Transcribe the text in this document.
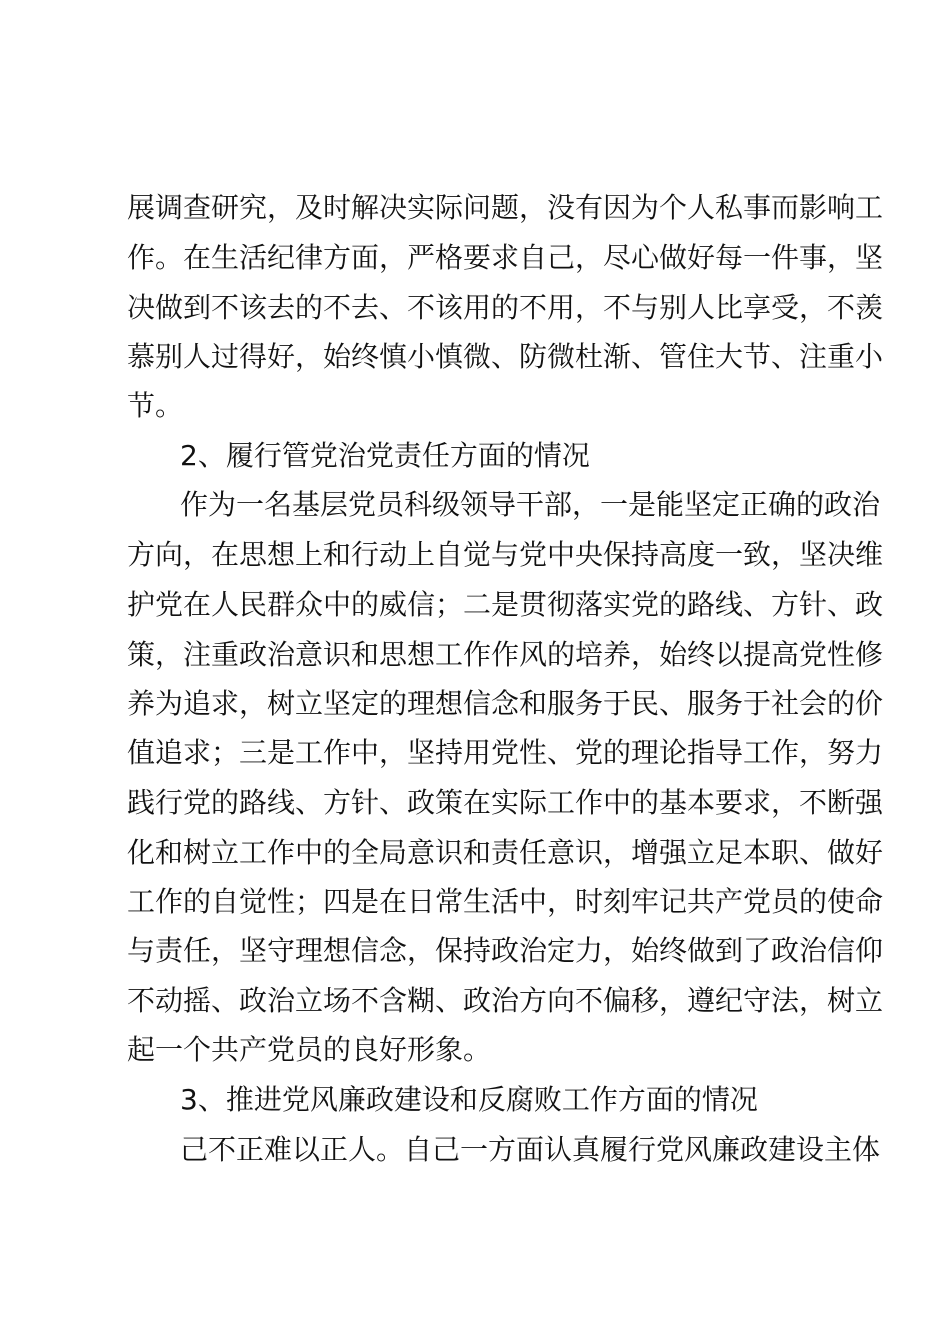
展调查研究，及时解决实际问题，没有因为个人私事而影响工
作。在生活纪律方面，严格要求自己，尽心做好每一件事，坚
决做到不该去的不去、不该用的不用，不与别人比享受，不羡
慕别人过得好，始终慎小慎微、防微杜渐、管住大节、注重小
节。
2、履行管党治党责任方面的情况
作为一名基层党员科级领导干部，一是能坚定正确的政治
方向，在思想上和行动上自觉与党中央保持高度一致，坚决维
护党在人民群众中的威信；二是贯彻落实党的路线、方针、政
策，注重政治意识和思想工作作风的培养，始终以提高党性修
养为追求，树立坚定的理想信念和服务于民、服务于社会的价
值追求；三是工作中，坚持用党性、党的理论指导工作，努力
践行党的路线、方针、政策在实际工作中的基本要求，不断强
化和树立工作中的全局意识和责任意识，增强立足本职、做好
工作的自觉性；四是在日常生活中，时刻牢记共产党员的使命
与责任，坚守理想信念，保持政治定力，始终做到了政治信仰
不动摇、政治立场不含糊、政治方向不偏移，遵纪守法，树立
起一个共产党员的良好形象。
3、推进党风廉政建设和反腐败工作方面的情况
己不正难以正人。自己一方面认真履行党风廉政建设主体
